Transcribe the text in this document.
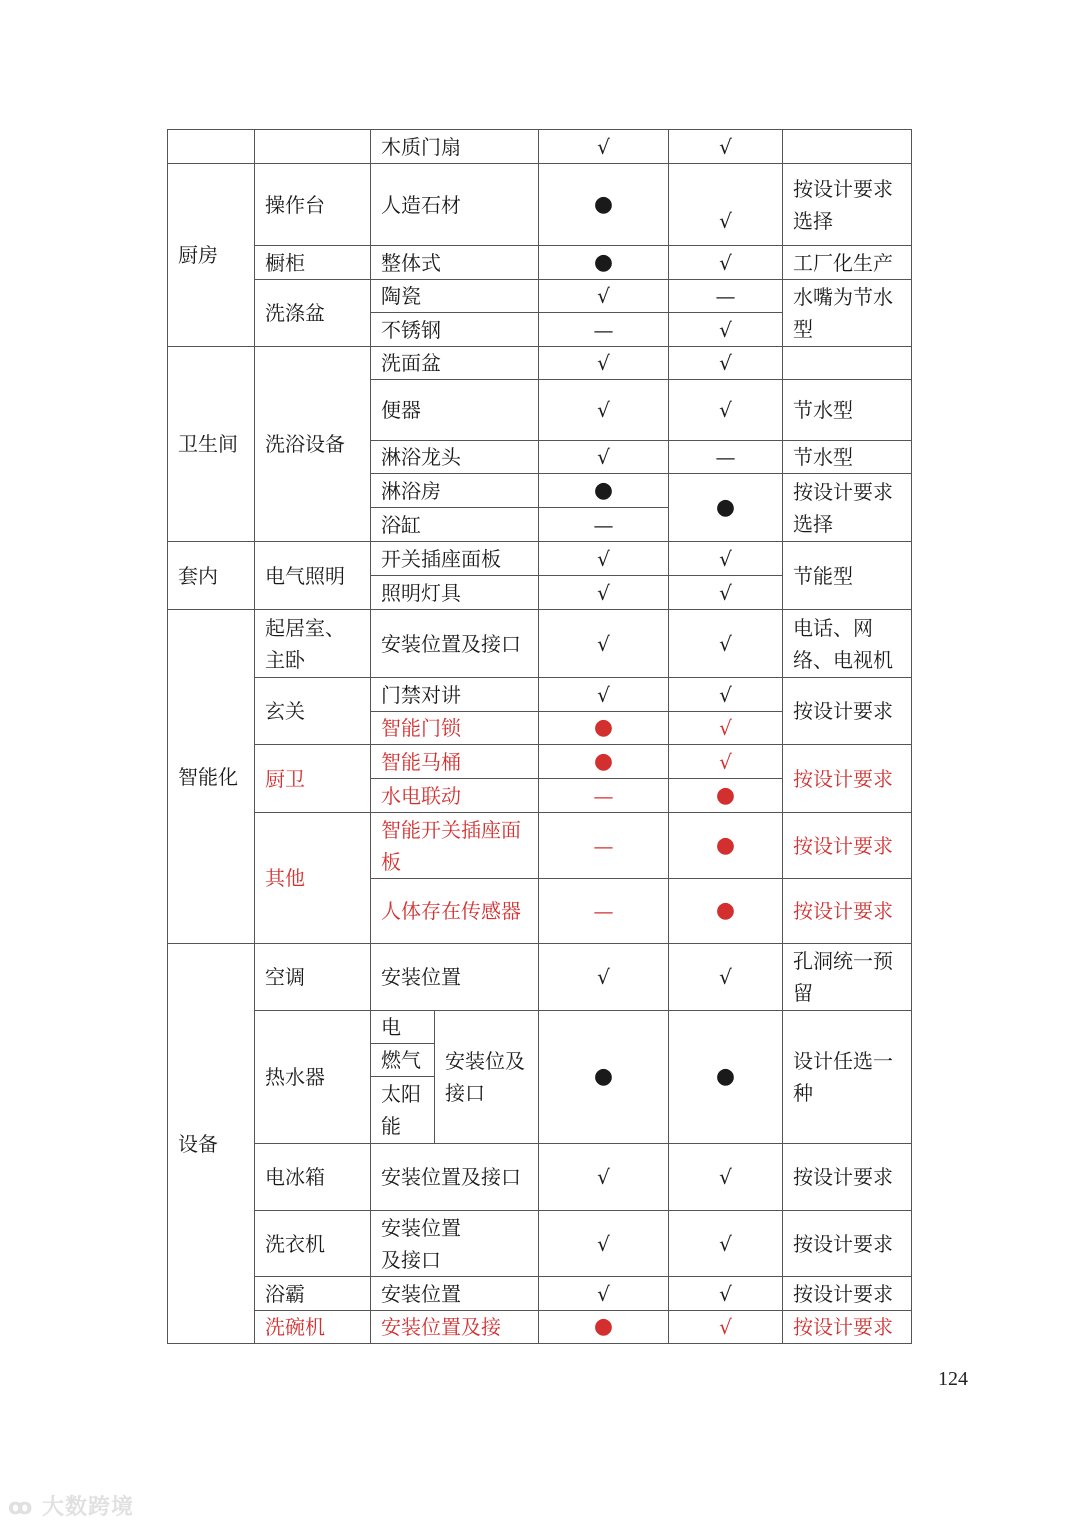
		木质门扇		√	√	
厨房	操作台	人造石材		●	√	按设计要求选择
	橱柜	整体式		●	√	工厂化生产
	洗涤盆	陶瓷		√	—	水嘴为节水型
		不锈钢		—	√	
卫生间	洗浴设备	洗面盆		√	√	
		便器		√	√	节水型
		淋浴龙头		√	—	节水型
		淋浴房		●	●	按设计要求选择
		浴缸		—		
套内	电气照明	开关插座面板		√	√	节能型
		照明灯具		√	√	
智能化	起居室、主卧	安装位置及接口		√	√	电话、网络、电视机
	玄关	门禁对讲		√	√	按设计要求
		智能门锁		●	√	
	厨卫	智能马桶		●	√	按设计要求
		水电联动		—	●	
	其他	智能开关插座面板		—	●	按设计要求
		人体存在传感器		—	●	按设计要求
设备	空调	安装位置		√	√	孔洞统一预留
	热水器	电	安装位及接口	●	●	设计任选一种
		燃气				
		太阳能				
	电冰箱	安装位置及接口		√	√	按设计要求
	洗衣机	安装位置及接口		√	√	按设计要求
	浴霸	安装位置		√	√	按设计要求
	洗碗机	安装位置及接		●	√	按设计要求
124
ꝏ 大数跨境
